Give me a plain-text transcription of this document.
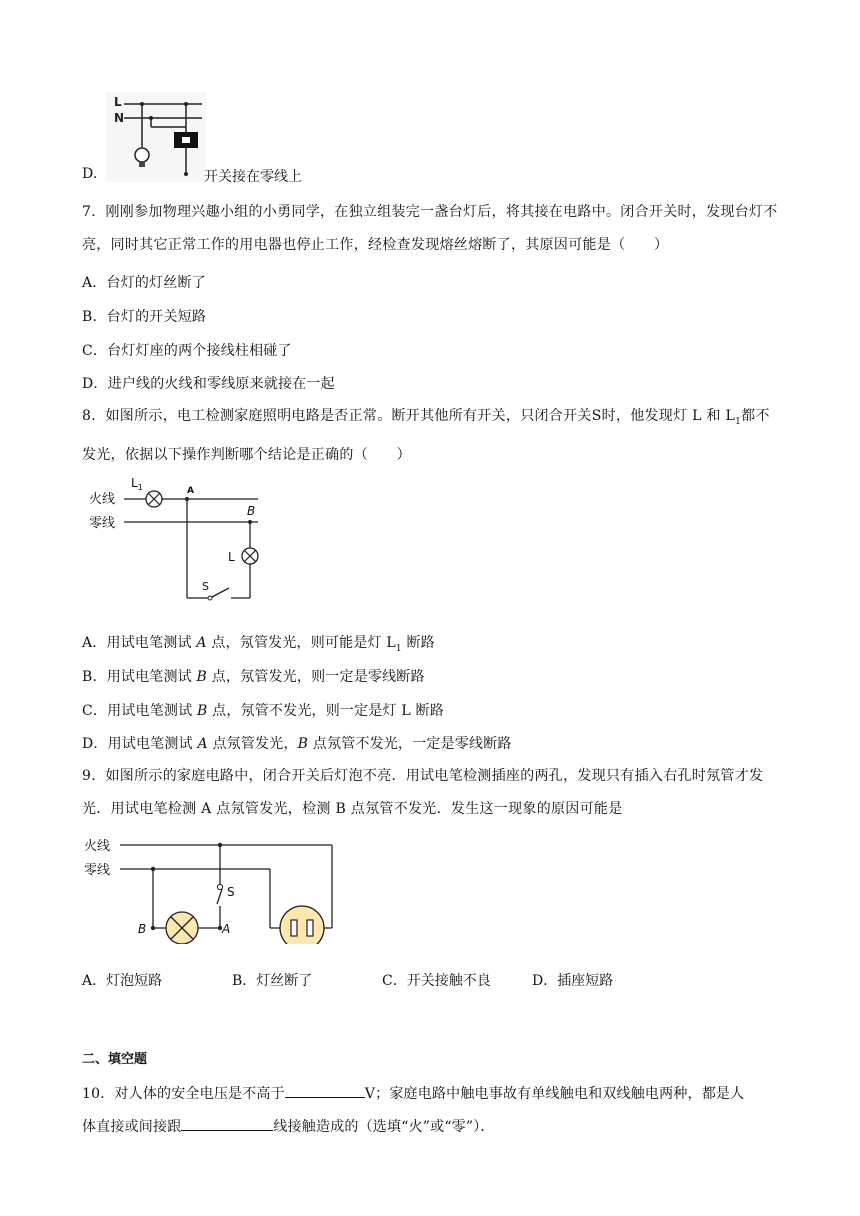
L
N
D.	开关接在零线上
7．刚刚参加物理兴趣小组的小勇同学，在独立组装完一盏台灯后，将其接在电路中。闭合开关时，发现台灯不亮，同时其它正常工作的用电器也停止工作，经检查发现熔丝熔断了，其原因可能是（　　）
A．台灯的灯丝断了
B．台灯的开关短路
C．台灯灯座的两个接线柱相碰了
D．进户线的火线和零线原来就接在一起
8．如图所示，电工检测家庭照明电路是否正常。断开其他所有开关，只闭合开关S时，他发现灯 L 和 $L_1$都不发光，依据以下操作判断哪个结论是正确的（　　）
火线
零线
$L_1$	A
B
L
S
A．用试电笔测试 A 点，氖管发光，则可能是灯 $L_1$ 断路
B．用试电笔测试 B 点，氖管发光，则一定是零线断路
C．用试电笔测试 B 点，氖管不发光，则一定是灯 L 断路
D．用试电笔测试 A 点氖管发光，B 点氖管不发光，一定是零线断路
9．如图所示的家庭电路中，闭合开关后灯泡不亮．用试电笔检测插座的两孔，发现只有插入右孔时氖管才发光．用试电笔检测 A 点氖管发光，检测 B 点氖管不发光．发生这一现象的原因可能是
火线
零线
S
A
B
A．灯泡短路	B．灯丝断了	C．开关接触不良	D．插座短路
二、填空题
10．对人体的安全电压是不高于	V；家庭电路中触电事故有单线触电和双线触电两种，都是人
体直接或间接跟	线接触造成的（选填“火”或“零”）．
